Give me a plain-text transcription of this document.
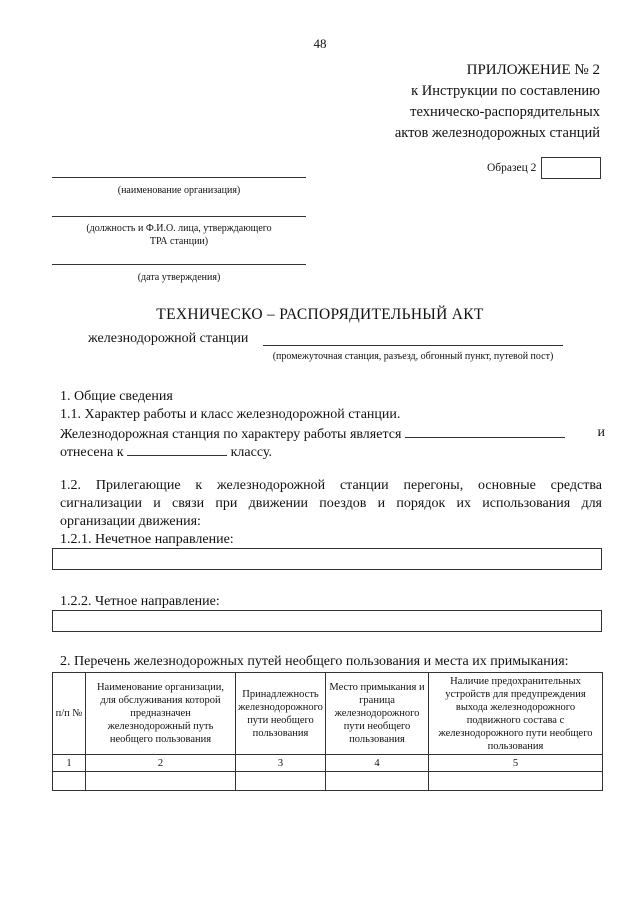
48
ПРИЛОЖЕНИЕ № 2
к Инструкции по составлению
техническо-распорядительных
актов железнодорожных станций
Образец 2
(наименование организация)
(должность и Ф.И.О. лица, утверждающего
ТРА станции)
(дата утверждения)
ТЕХНИЧЕСКО – РАСПОРЯДИТЕЛЬНЫЙ АКТ
железнодорожной станции
(промежуточная станция, разъезд, обгонный пункт, путевой пост)
1. Общие сведения
1.1. Характер работы и класс железнодорожной станции.
Железнодорожная станция по характеру работы является	и
отнесена к	классу.
1.2. Прилегающие к железнодорожной станции перегоны, основные средства сигнализации и связи при движении поездов и порядок их использования для организации движения:
1.2.1. Нечетное направление:
1.2.2. Четное направление:
2. Перечень железнодорожных путей необщего пользования и места их примыкания:
п/п №	Наименование организации, для обслуживания которой предназначен железнодорожный путь необщего пользования	Принадлежность железнодорожного пути необщего пользования	Место примыкания и граница железнодорожного пути необщего пользования	Наличие предохранительных устройств для предупреждения выхода железнодорожного подвижного состава с железнодорожного пути необщего пользования
1	2	3	4	5
